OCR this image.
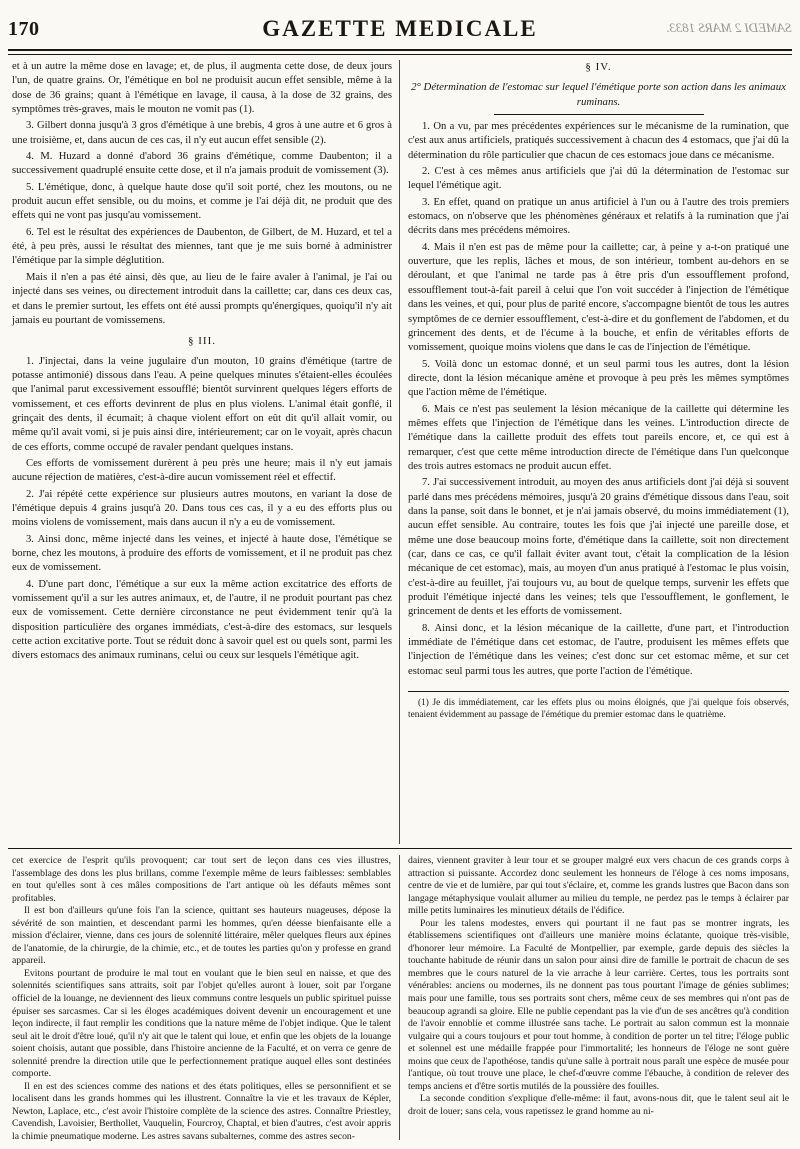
170	GAZETTE MEDICALE	SAMEDI 2 MARS 1833.

et à un autre la même dose en lavage; et, de plus, il augmenta cette dose, de deux jours l'un, de quatre grains. Or, l'émétique en bol ne produisit aucun effet sensible, même à la dose de 36 grains; quant à l'émétique en lavage, il causa, à la dose de 32 grains, des symptômes très-graves, mais le mouton ne vomit pas (1).

3. Gilbert donna jusqu'à 3 gros d'émétique à une brebis, 4 gros à une autre et 6 gros à une troisième, et, dans aucun de ces cas, il n'y eut aucun effet sensible (2).

4. M. Huzard a donné d'abord 36 grains d'émétique, comme Daubenton; il a successivement quadruplé ensuite cette dose, et il n'a jamais produit de vomissement (3).

5. L'émétique, donc, à quelque haute dose qu'il soit porté, chez les moutons, ou ne produit aucun effet sensible, ou du moins, et comme je l'ai déjà dit, ne produit que des effets qui ne vont pas jusqu'au vomissement.

6. Tel est le résultat des expériences de Daubenton, de Gilbert, de M. Huzard, et tel a été, à peu près, aussi le résultat des miennes, tant que je me suis borné à administrer l'émétique par la simple déglutition.

Mais il n'en a pas été ainsi, dès que, au lieu de le faire avaler à l'animal, je l'ai ou injecté dans ses veines, ou directement introduit dans la caillette; car, dans ces deux cas, et dans le premier surtout, les effets ont été aussi prompts qu'énergiques, quoiqu'il n'y ait jamais eu pourtant de vomissemens.

§ III.

1. J'injectai, dans la veine jugulaire d'un mouton, 10 grains d'émétique (tartre de potasse antimonié) dissous dans l'eau. A peine quelques minutes s'étaient-elles écoulées que l'animal parut excessivement essoufflé; bientôt survinrent quelques légers efforts de vomissement, et ces efforts devinrent de plus en plus violens. L'animal était gonflé, il grinçait des dents, il écumait; à chaque violent effort on eût dit qu'il allait vomir, ou même qu'il avait vomi, si je puis ainsi dire, intérieurement; car on le voyait, après chacun de ces efforts, comme occupé de ravaler pendant quelques instans.

Ces efforts de vomissement durèrent à peu près une heure; mais il n'y eut jamais aucune réjection de matières, c'est-à-dire aucun vomissement réel et effectif.

2. J'ai répété cette expérience sur plusieurs autres moutons, en variant la dose de l'émétique depuis 4 grains jusqu'à 20. Dans tous ces cas, il y a eu des efforts plus ou moins violens de vomissement, mais dans aucun il n'y a eu de vomissement.

3. Ainsi donc, même injecté dans les veines, et injecté à haute dose, l'émétique se borne, chez les moutons, à produire des efforts de vomissement, et il ne produit pas chez eux de vomissement.

4. D'une part donc, l'émétique a sur eux la même action excitatrice des efforts de vomissement qu'il a sur les autres animaux, et, de l'autre, il ne produit pourtant pas chez eux de vomissement. Cette dernière circonstance ne peut évidemment tenir qu'à la disposition particulière des organes immédiats, c'est-à-dire des estomacs, sur lesquels cette action excitative porte. Tout se réduit donc à savoir quel est ou quels sont, parmi les divers estomacs des animaux ruminans, celui ou ceux sur lesquels l'émétique agit.

§ IV.
2° Détermination de l'estomac sur lequel l'émétique porte son action dans les animaux ruminans.

1. On a vu, par mes précédentes expériences sur le mécanisme de la rumination, que c'est aux anus artificiels, pratiqués successivement à chacun des 4 estomacs, que j'ai dû la détermination du rôle particulier que chacun de ces estomacs joue dans ce mécanisme.

2. C'est à ces mêmes anus artificiels que j'ai dû la détermination de l'estomac sur lequel l'émétique agit.

3. En effet, quand on pratique un anus artificiel à l'un ou à l'autre des trois premiers estomacs, on n'observe que les phénomènes généraux et relatifs à la rumination que j'ai décrits dans mes précédens mémoires.

4. Mais il n'en est pas de même pour la caillette; car, à peine y a-t-on pratiqué une ouverture, que les replis, lâches et mous, de son intérieur, tombent au-dehors en se déroulant, et que l'animal ne tarde pas à être pris d'un essoufflement profond, essoufflement tout-à-fait pareil à celui que l'on voit succéder à l'injection de l'émétique dans les veines, et qui, pour plus de parité encore, s'accompagne bientôt de tous les autres symptômes de ce dernier essoufflement, c'est-à-dire et du gonflement de l'abdomen, et du grincement des dents, et de l'écume à la bouche, et enfin de véritables efforts de vomissement, quoique moins violens que dans le cas de l'injection de l'émétique.

5. Voilà donc un estomac donné, et un seul parmi tous les autres, dont la lésion directe, dont la lésion mécanique amène et provoque à peu près les mêmes symptômes que l'action même de l'émétique.

6. Mais ce n'est pas seulement la lésion mécanique de la caillette qui détermine les mêmes effets que l'injection de l'émétique dans les veines. L'introduction directe de l'émétique dans la caillette produit des effets tout pareils encore, et, ce qui est à remarquer, c'est que cette même introduction directe de l'émétique dans l'un quelconque des trois autres estomacs ne produit aucun effet.

7. J'ai successivement introduit, au moyen des anus artificiels dont j'ai déjà si souvent parlé dans mes précédens mémoires, jusqu'à 20 grains d'émétique dissous dans l'eau, soit dans la panse, soit dans le bonnet, et je n'ai jamais observé, du moins immédiatement (1), aucun effet sensible. Au contraire, toutes les fois que j'ai injecté une pareille dose, et même une dose beaucoup moins forte, d'émétique dans la caillette, soit non directement (car, dans ce cas, ce qu'il fallait éviter avant tout, c'était la complication de la lésion mécanique de cet estomac), mais, au moyen d'un anus pratiqué à l'estomac le plus voisin, c'est-à-dire au feuillet, j'ai toujours vu, au bout de quelque temps, survenir les effets que produit l'émétique injecté dans les veines; tels que l'essoufflement, le gonflement, le grincement de dents et les efforts de vomissement.

8. Ainsi donc, et la lésion mécanique de la caillette, d'une part, et l'introduction immédiate de l'émétique dans cet estomac, de l'autre, produisent les mêmes effets que l'injection de l'émétique dans les veines; c'est donc sur cet estomac même, et sur cet estomac seul parmi tous les autres, que porte l'action de l'émétique.

(1) Je dis immédiatement, car les effets plus ou moins éloignés, que j'ai quelque fois observés, tenaient évidemment au passage de l'émétique du premier estomac dans le quatrième.

cet exercice de l'esprit qu'ils provoquent; car tout sert de leçon dans ces vies illustres, l'assemblage des dons les plus brillans, comme l'exemple même de leurs faiblesses: semblables en tout qu'elles sont à ces mâles compositions de l'art antique où les défauts mêmes sont profitables.

Il est bon d'ailleurs qu'une fois l'an la science, quittant ses hauteurs nuageuses, dépose la sévérité de son maintien, et descendant parmi les hommes, qu'en déesse bienfaisante elle a mission d'éclairer, vienne, dans ces jours de solennité littéraire, mêler quelques fleurs aux épines de l'anatomie, de la chirurgie, de la chimie, etc., et de toutes les parties qu'on y professe en grand appareil.

Evitons pourtant de produire le mal tout en voulant que le bien seul en naisse, et que des solennités scientifiques sans attraits, soit par l'objet qu'elles auront à louer, soit par l'organe officiel de la louange, ne deviennent des lieux communs contre lesquels un public spirituel puisse épuiser ses sarcasmes. Car si les éloges académiques doivent devenir un encouragement et une leçon indirecte, il faut remplir les conditions que la nature même de l'objet indique. Que le talent seul ait le droit d'être loué, qu'il n'y ait que le talent qui loue, et enfin que les objets de la louange soient choisis, autant que possible, dans l'histoire ancienne de la Faculté, et on verra ce genre de solennité prendre la direction utile que le perfectionnement pratique auquel elles sont destinées comporte.

Il en est des sciences comme des nations et des états politiques, elles se personnifient et se localisent dans les grands hommes qui les illustrent. Connaître la vie et les travaux de Képler, Newton, Laplace, etc., c'est avoir l'histoire complète de la science des astres. Connaître Priestley, Cavendish, Lavoisier, Berthollet, Vauquelin, Fourcroy, Chaptal, et bien d'autres, c'est avoir appris la chimie pneumatique moderne. Les astres savans subalternes, comme des astres secon-

daires, viennent graviter à leur tour et se grouper malgré eux vers chacun de ces grands corps à attraction si puissante. Accordez donc seulement les honneurs de l'éloge à ces noms imposans, centre de vie et de lumière, par qui tout s'éclaire, et, comme les grands lustres que Bacon dans son langage métaphysique voulait allumer au milieu du temple, ne perdez pas le temps à éclairer par mille petits luminaires les minutieux détails de l'édifice.

Pour les talens modestes, envers qui pourtant il ne faut pas se montrer ingrats, les établissemens scientifiques ont d'ailleurs une manière moins éclatante, quoique très-visible, d'honorer leur mémoire. La Faculté de Montpellier, par exemple, garde depuis des siècles la touchante habitude de réunir dans un salon pour ainsi dire de famille le portrait de chacun de ses membres que le cours naturel de la vie arrache à leur carrière. Certes, tous les portraits sont vénérables: anciens ou modernes, ils ne donnent pas tous pourtant l'image de génies sublimes; mais pour une famille, tous ses portraits sont chers, même ceux de ses membres qui n'ont pas de beaucoup agrandi sa gloire. Elle ne publie cependant pas la vie d'un de ses ancêtres qu'à condition de l'avoir ennoblie et comme illustrée sans tache. Le portrait au salon commun est la monnaie vulgaire qui a cours toujours et pour tout homme, à condition de porter un tel titre; l'éloge public et solennel est une médaille frappée pour l'immortalité; les honneurs de l'éloge ne sont guère moins que ceux de l'apothéose, tandis qu'une salle à portrait nous paraît une espèce de musée pour l'antique, où tout trouve une place, le chef-d'œuvre comme l'ébauche, à condition de relever des temps anciens et d'être sortis mutilés de la poussière des fouilles.

La seconde condition s'explique d'elle-même: il faut, avons-nous dit, que le talent seul ait le droit de louer; sans cela, vous rapetissez le grand homme au ni-
